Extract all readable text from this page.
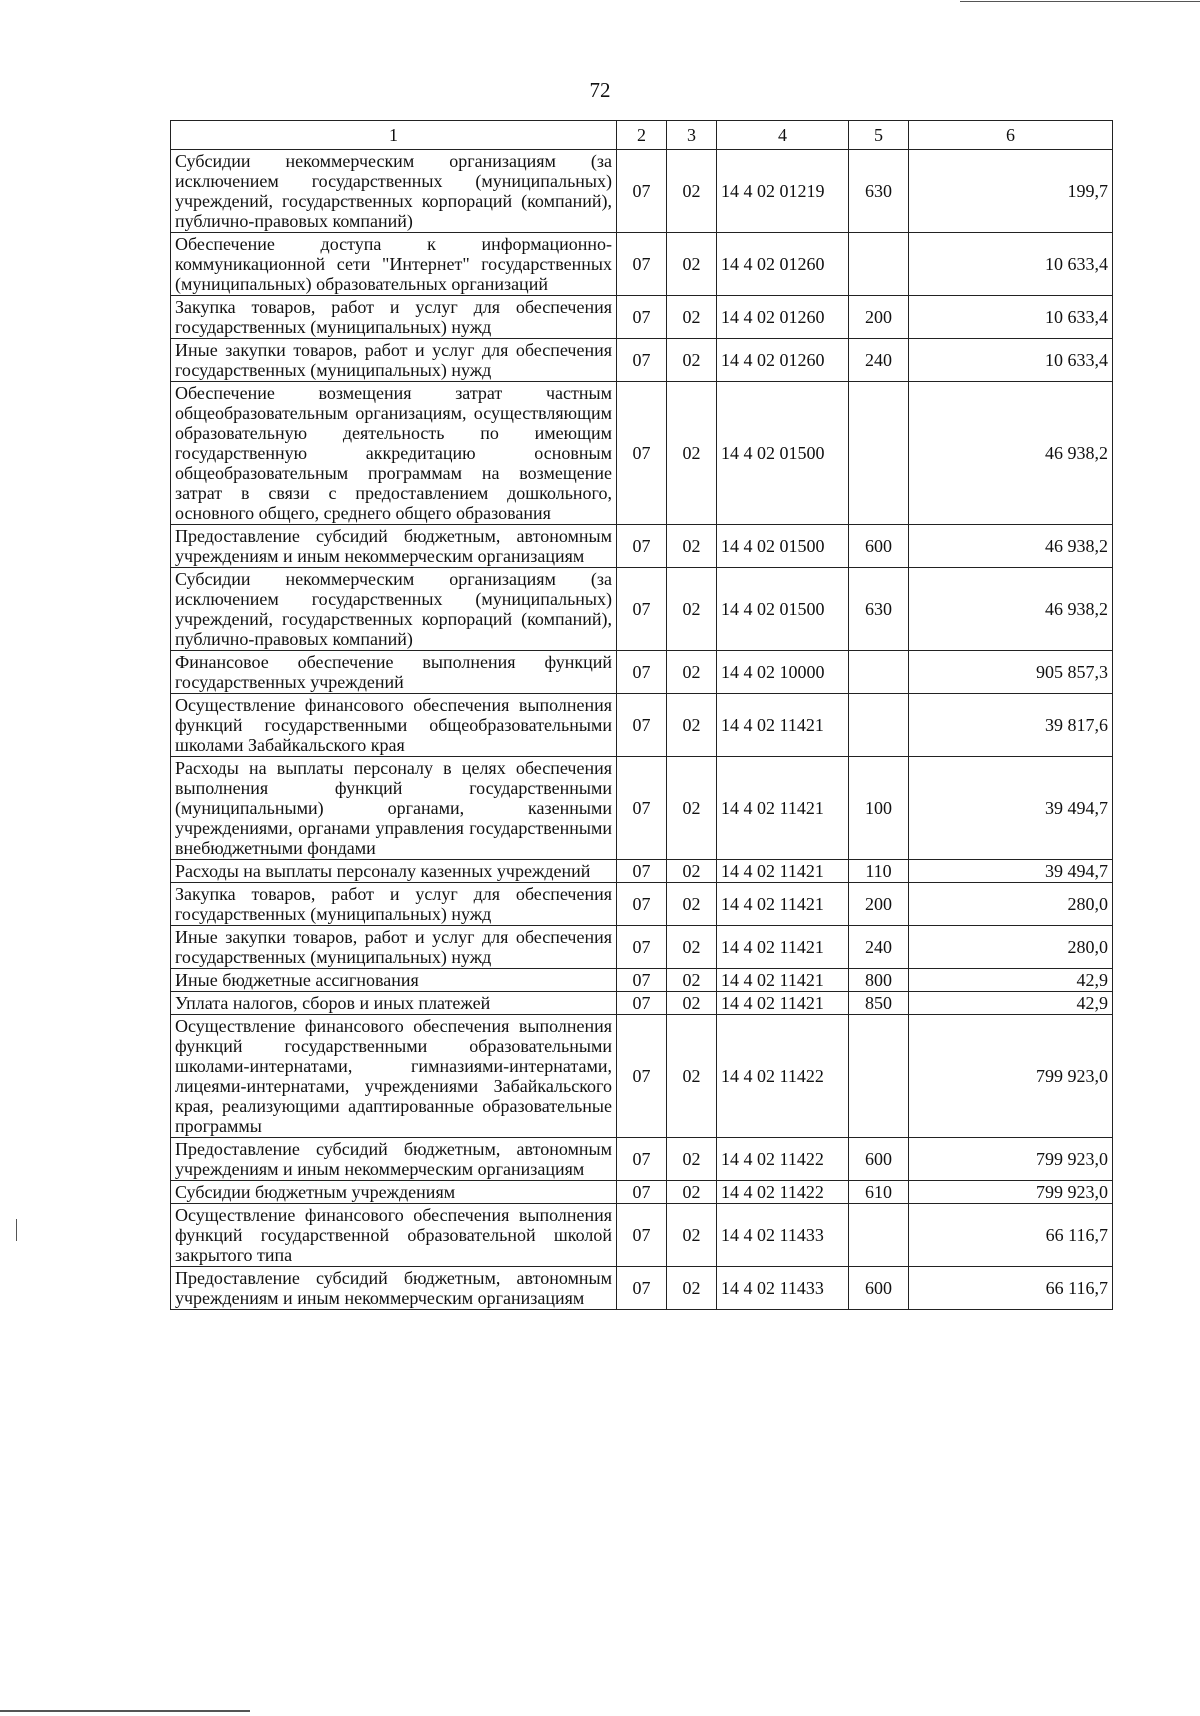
72
1	2	3	4	5	6
Субсидии некоммерческим организациям (за исключением государственных (муниципальных) учреждений, государственных корпораций (компаний), публично-правовых компаний)	07	02	14 4 02 01219	630	199,7
Обеспечение доступа к информационно-коммуникационной сети "Интернет" государственных (муниципальных) образовательных организаций	07	02	14 4 02 01260		10 633,4
Закупка товаров, работ и услуг для обеспечения государственных (муниципальных) нужд	07	02	14 4 02 01260	200	10 633,4
Иные закупки товаров, работ и услуг для обеспечения государственных (муниципальных) нужд	07	02	14 4 02 01260	240	10 633,4
Обеспечение возмещения затрат частным общеобразовательным организациям, осуществляющим образовательную деятельность по имеющим государственную аккредитацию основным общеобразовательным программам на возмещение затрат в связи с предоставлением дошкольного, основного общего, среднего общего образования	07	02	14 4 02 01500		46 938,2
Предоставление субсидий бюджетным, автономным учреждениям и иным некоммерческим организациям	07	02	14 4 02 01500	600	46 938,2
Субсидии некоммерческим организациям (за исключением государственных (муниципальных) учреждений, государственных корпораций (компаний), публично-правовых компаний)	07	02	14 4 02 01500	630	46 938,2
Финансовое обеспечение выполнения функций государственных учреждений	07	02	14 4 02 10000		905 857,3
Осуществление финансового обеспечения выполнения функций государственными общеобразовательными школами Забайкальского края	07	02	14 4 02 11421		39 817,6
Расходы на выплаты персоналу в целях обеспечения выполнения функций государственными (муниципальными) органами, казенными учреждениями, органами управления государственными внебюджетными фондами	07	02	14 4 02 11421	100	39 494,7
Расходы на выплаты персоналу казенных учреждений	07	02	14 4 02 11421	110	39 494,7
Закупка товаров, работ и услуг для обеспечения государственных (муниципальных) нужд	07	02	14 4 02 11421	200	280,0
Иные закупки товаров, работ и услуг для обеспечения государственных (муниципальных) нужд	07	02	14 4 02 11421	240	280,0
Иные бюджетные ассигнования	07	02	14 4 02 11421	800	42,9
Уплата налогов, сборов и иных платежей	07	02	14 4 02 11421	850	42,9
Осуществление финансового обеспечения выполнения функций государственными образовательными школами-интернатами, гимназиями-интернатами, лицеями-интернатами, учреждениями Забайкальского края, реализующими адаптированные образовательные программы	07	02	14 4 02 11422		799 923,0
Предоставление субсидий бюджетным, автономным учреждениям и иным некоммерческим организациям	07	02	14 4 02 11422	600	799 923,0
Субсидии бюджетным учреждениям	07	02	14 4 02 11422	610	799 923,0
Осуществление финансового обеспечения выполнения функций государственной образовательной школой закрытого типа	07	02	14 4 02 11433		66 116,7
Предоставление субсидий бюджетным, автономным учреждениям и иным некоммерческим организациям	07	02	14 4 02 11433	600	66 116,7
